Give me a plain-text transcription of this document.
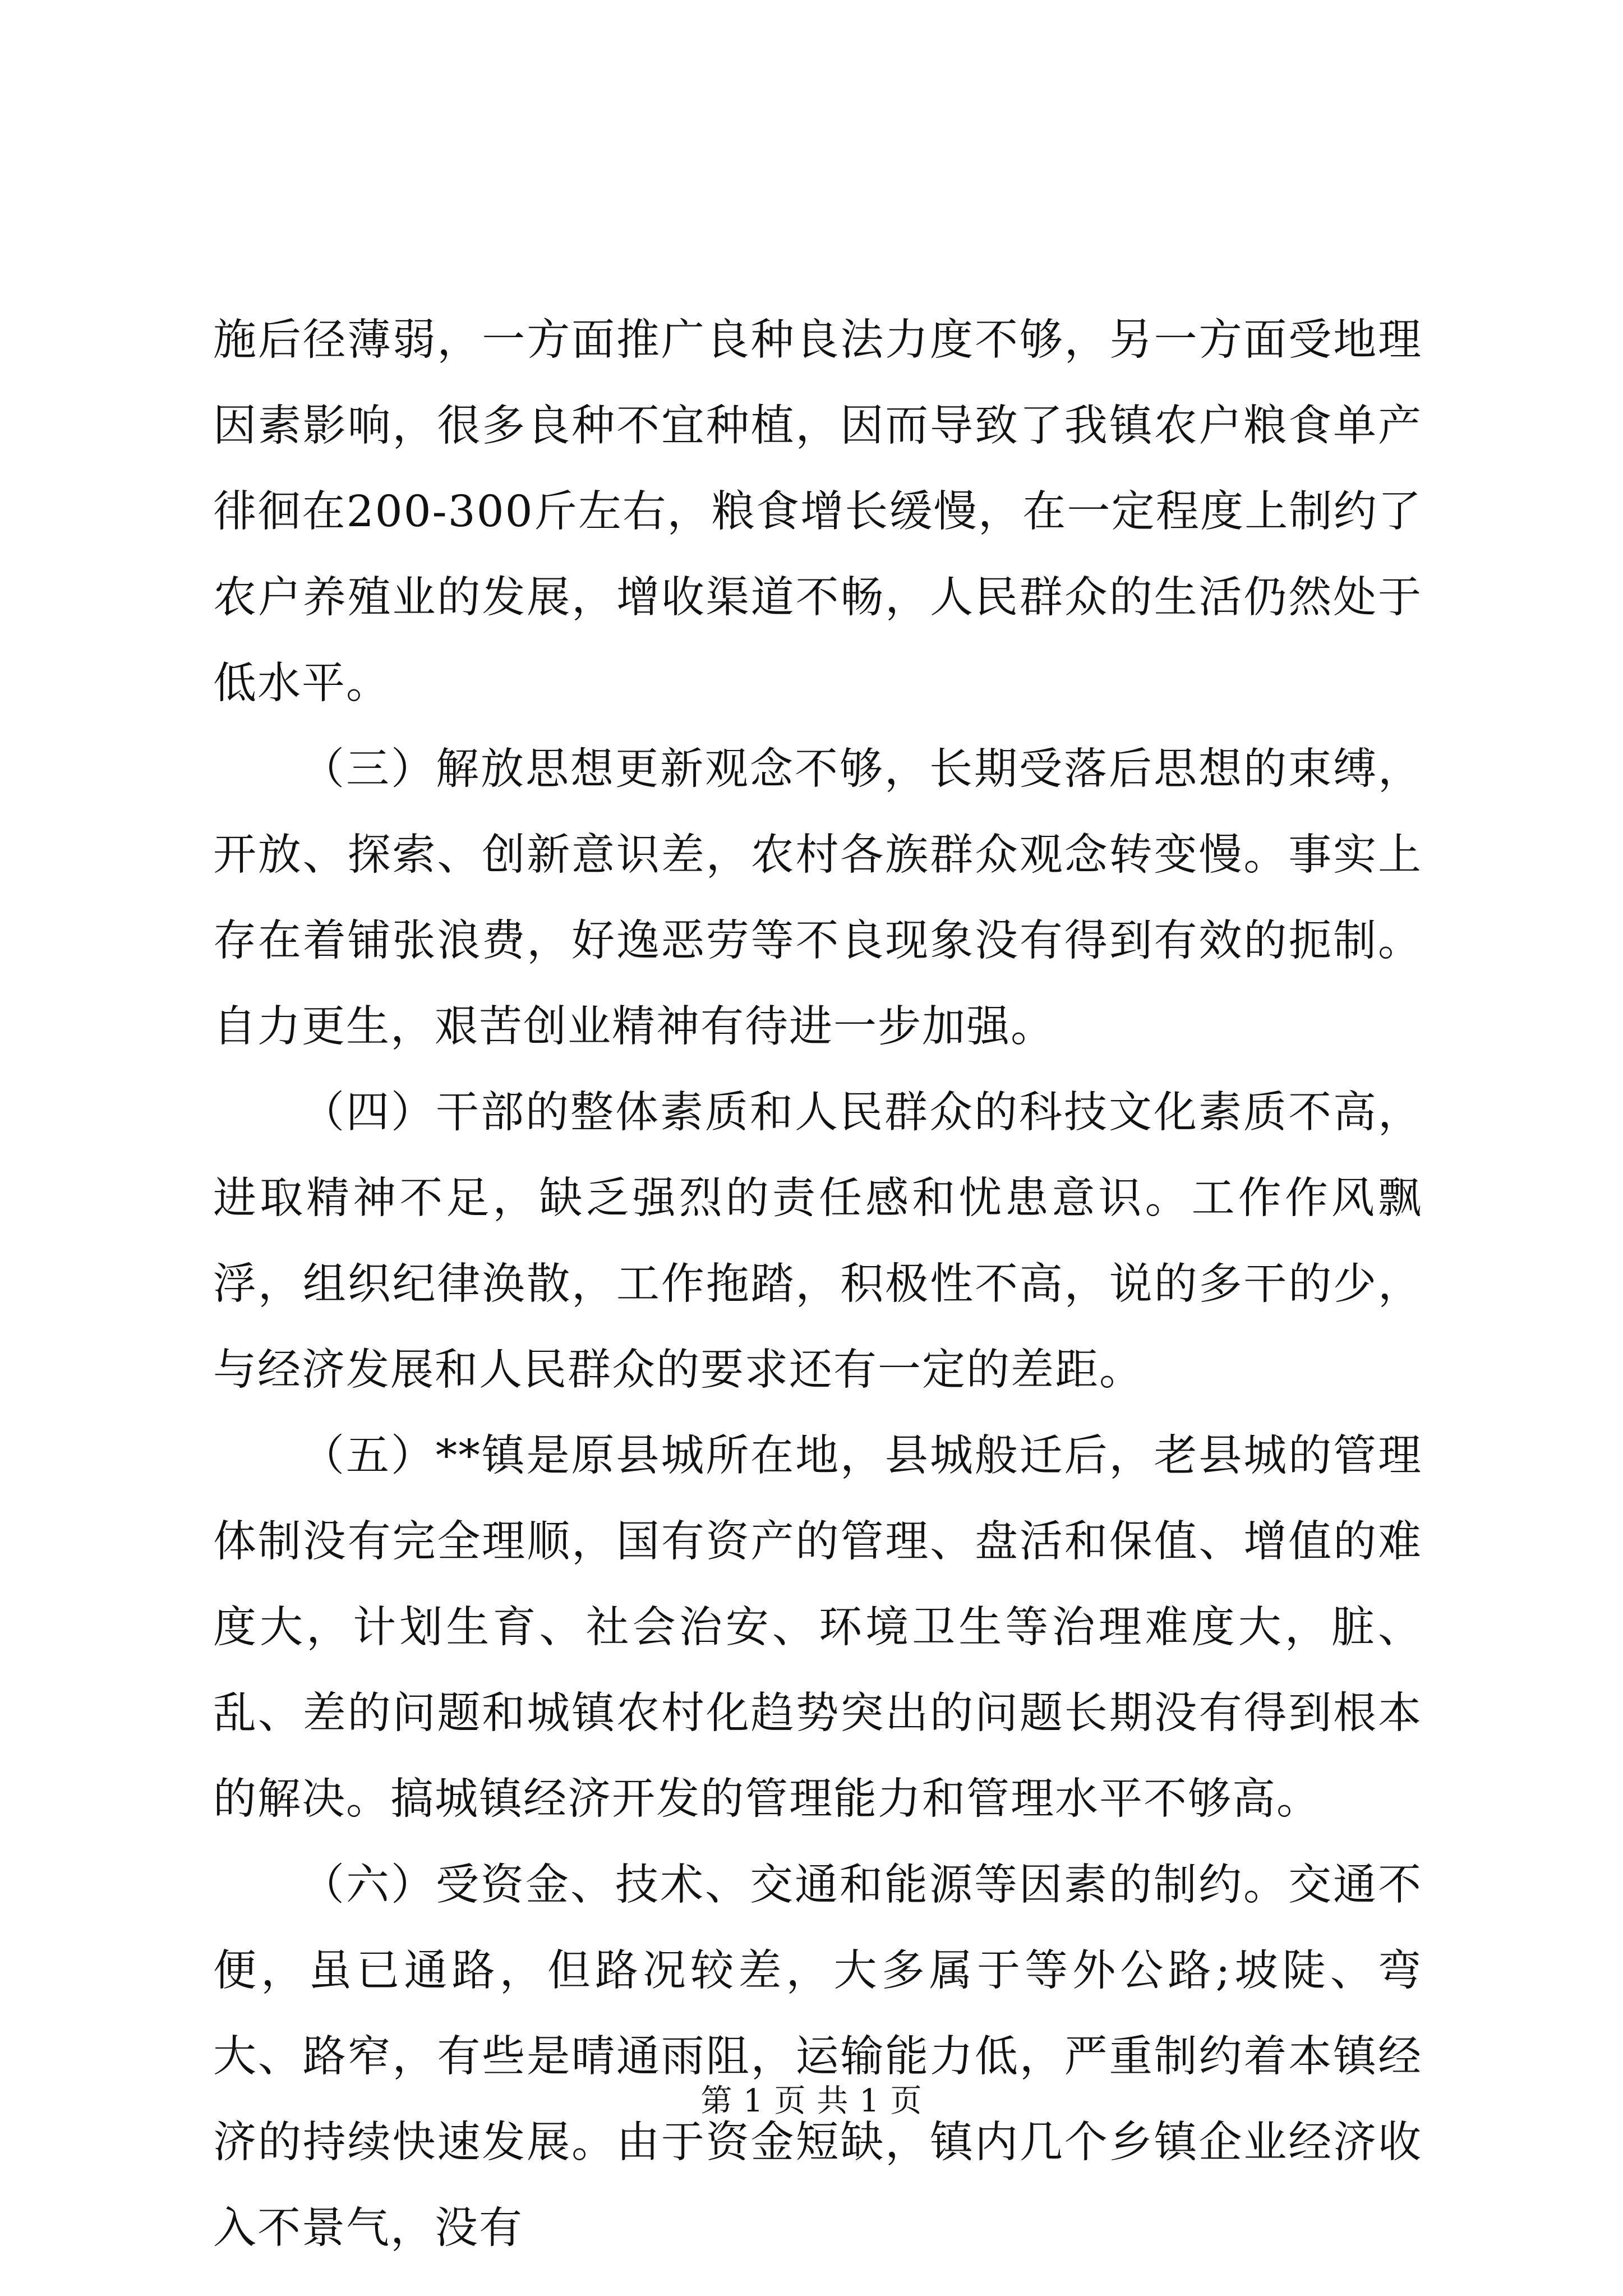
施后径薄弱，一方面推广良种良法力度不够，另一方面受地理因素影响，很多良种不宜种植，因而导致了我镇农户粮食单产徘徊在200-300斤左右，粮食增长缓慢，在一定程度上制约了农户养殖业的发展，增收渠道不畅，人民群众的生活仍然处于低水平。

（三）解放思想更新观念不够，长期受落后思想的束缚，开放、探索、创新意识差，农村各族群众观念转变慢。事实上存在着铺张浪费，好逸恶劳等不良现象没有得到有效的扼制。自力更生，艰苦创业精神有待进一步加强。

（四）干部的整体素质和人民群众的科技文化素质不高，进取精神不足，缺乏强烈的责任感和忧患意识。工作作风飘浮，组织纪律涣散，工作拖踏，积极性不高，说的多干的少，与经济发展和人民群众的要求还有一定的差距。

（五）**镇是原县城所在地，县城般迁后，老县城的管理体制没有完全理顺，国有资产的管理、盘活和保值、增值的难度大，计划生育、社会治安、环境卫生等治理难度大，脏、乱、差的问题和城镇农村化趋势突出的问题长期没有得到根本的解决。搞城镇经济开发的管理能力和管理水平不够高。

（六）受资金、技术、交通和能源等因素的制约。交通不便，虽已通路，但路况较差，大多属于等外公路;坡陡、弯大、路窄，有些是晴通雨阻，运输能力低，严重制约着本镇经济的持续快速发展。由于资金短缺，镇内几个乡镇企业经济收入不景气，没有

第 1 页 共 1 页
